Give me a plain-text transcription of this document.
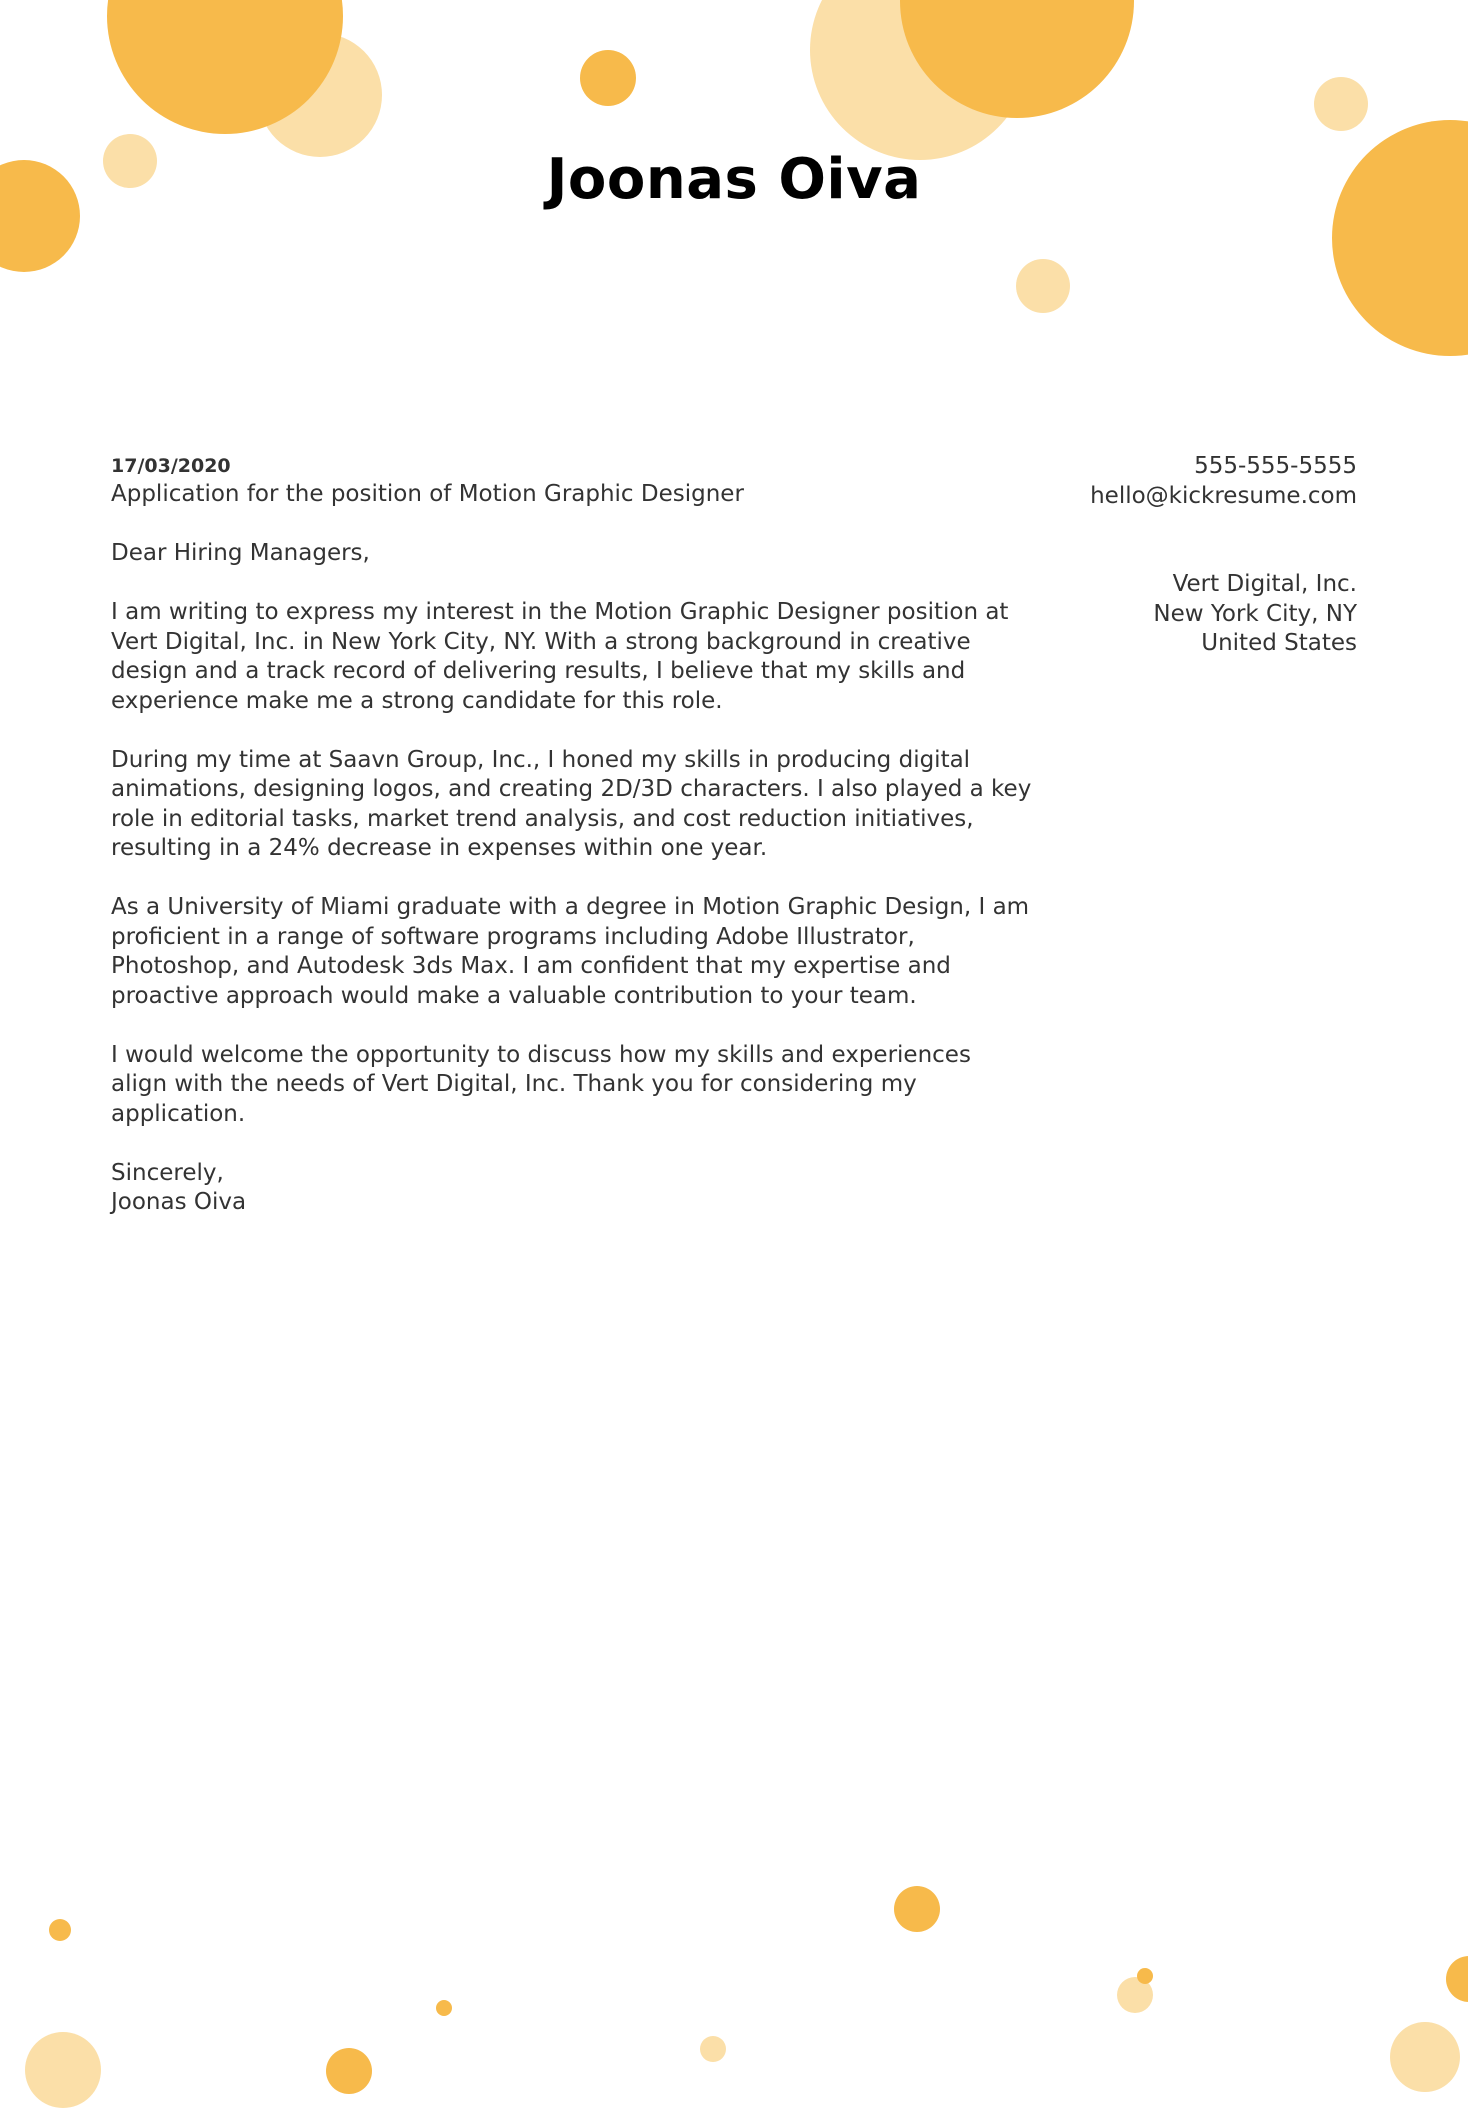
Joonas Oiva
17/03/2020
Application for the position of Motion Graphic Designer
Dear Hiring Managers,
I am writing to express my interest in the Motion Graphic Designer position at
Vert Digital, Inc. in New York City, NY. With a strong background in creative
design and a track record of delivering results, I believe that my skills and
experience make me a strong candidate for this role.
During my time at Saavn Group, Inc., I honed my skills in producing digital
animations, designing logos, and creating 2D/3D characters. I also played a key
role in editorial tasks, market trend analysis, and cost reduction initiatives,
resulting in a 24% decrease in expenses within one year.
As a University of Miami graduate with a degree in Motion Graphic Design, I am
proficient in a range of software programs including Adobe Illustrator,
Photoshop, and Autodesk 3ds Max. I am confident that my expertise and
proactive approach would make a valuable contribution to your team.
I would welcome the opportunity to discuss how my skills and experiences
align with the needs of Vert Digital, Inc. Thank you for considering my
application.
Sincerely,
Joonas Oiva
555-555-5555
hello@kickresume.com
Vert Digital, Inc.
New York City, NY
United States
